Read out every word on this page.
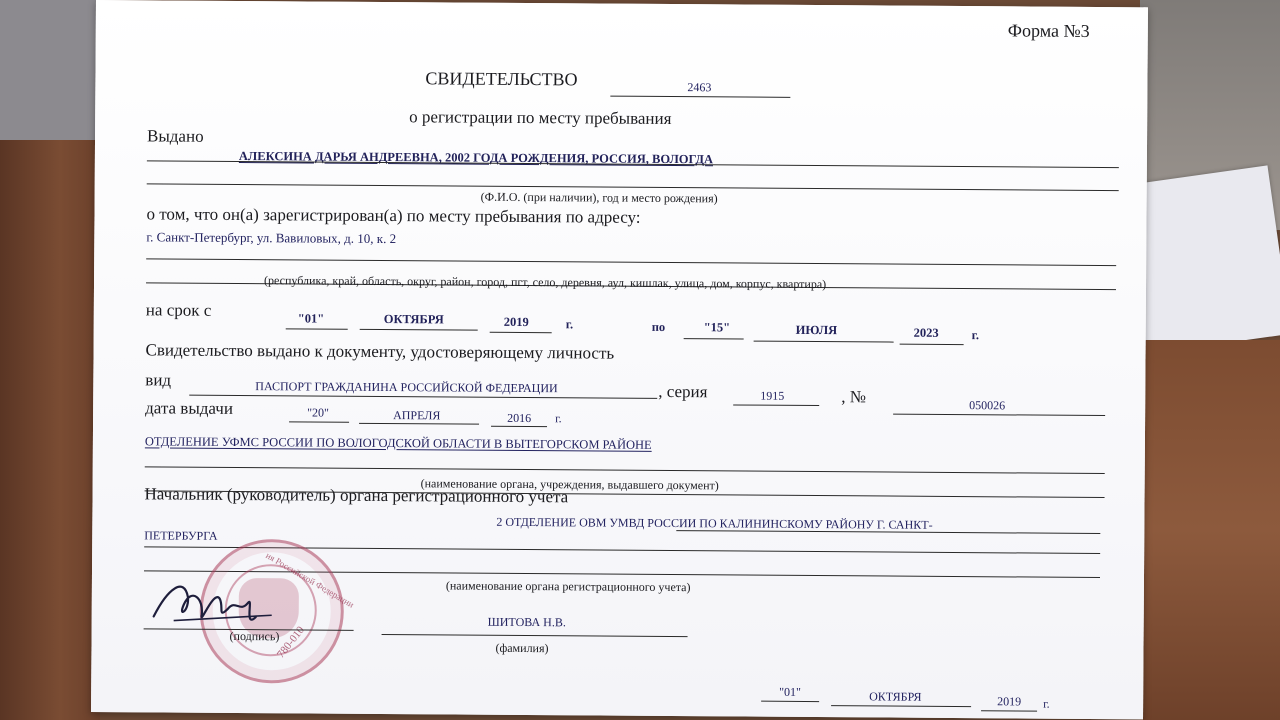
Форма №3
СВИДЕТЕЛЬСТВО	2463
о регистрации по месту пребывания
Выдано
АЛЕКСИНА ДАРЬЯ АНДРЕЕВНА, 2002 ГОДА РОЖДЕНИЯ, РОССИЯ, ВОЛОГДА
(Ф.И.О. (при наличии), год и место рождения)
о том, что он(а) зарегистрирован(а) по месту пребывания по адресу:
г. Санкт-Петербург, ул. Вавиловых, д. 10, к. 2
(республика, край, область, округ, район, город, пгт, село, деревня, аул, кишлак, улица, дом, корпус, квартира)
на срок с	"01"	ОКТЯБРЯ	2019	г.	по	"15"	ИЮЛЯ	2023	г.
Свидетельство выдано к документу, удостоверяющему личность
вид	ПАСПОРТ ГРАЖДАНИНА РОССИЙСКОЙ ФЕДЕРАЦИИ	, серия	1915	, №	050026
дата выдачи	"20"	АПРЕЛЯ	2016 г.
ОТДЕЛЕНИЕ УФМС РОССИИ ПО ВОЛОГОДСКОЙ ОБЛАСТИ В ВЫТЕГОРСКОМ РАЙОНЕ
(наименование органа, учреждения, выдавшего документ)
Начальник (руководитель) органа регистрационного учета
2 ОТДЕЛЕНИЕ ОВМ УМВД РОССИИ ПО КАЛИНИНСКОМУ РАЙОНУ Г. САНКТ-
ПЕТЕРБУРГА
(наименование органа регистрационного учета)
ия Российской Федерации
780-010
(подпись)
ШИТОВА Н.В.
(фамилия)
"01"	ОКТЯБРЯ	2019 г.
